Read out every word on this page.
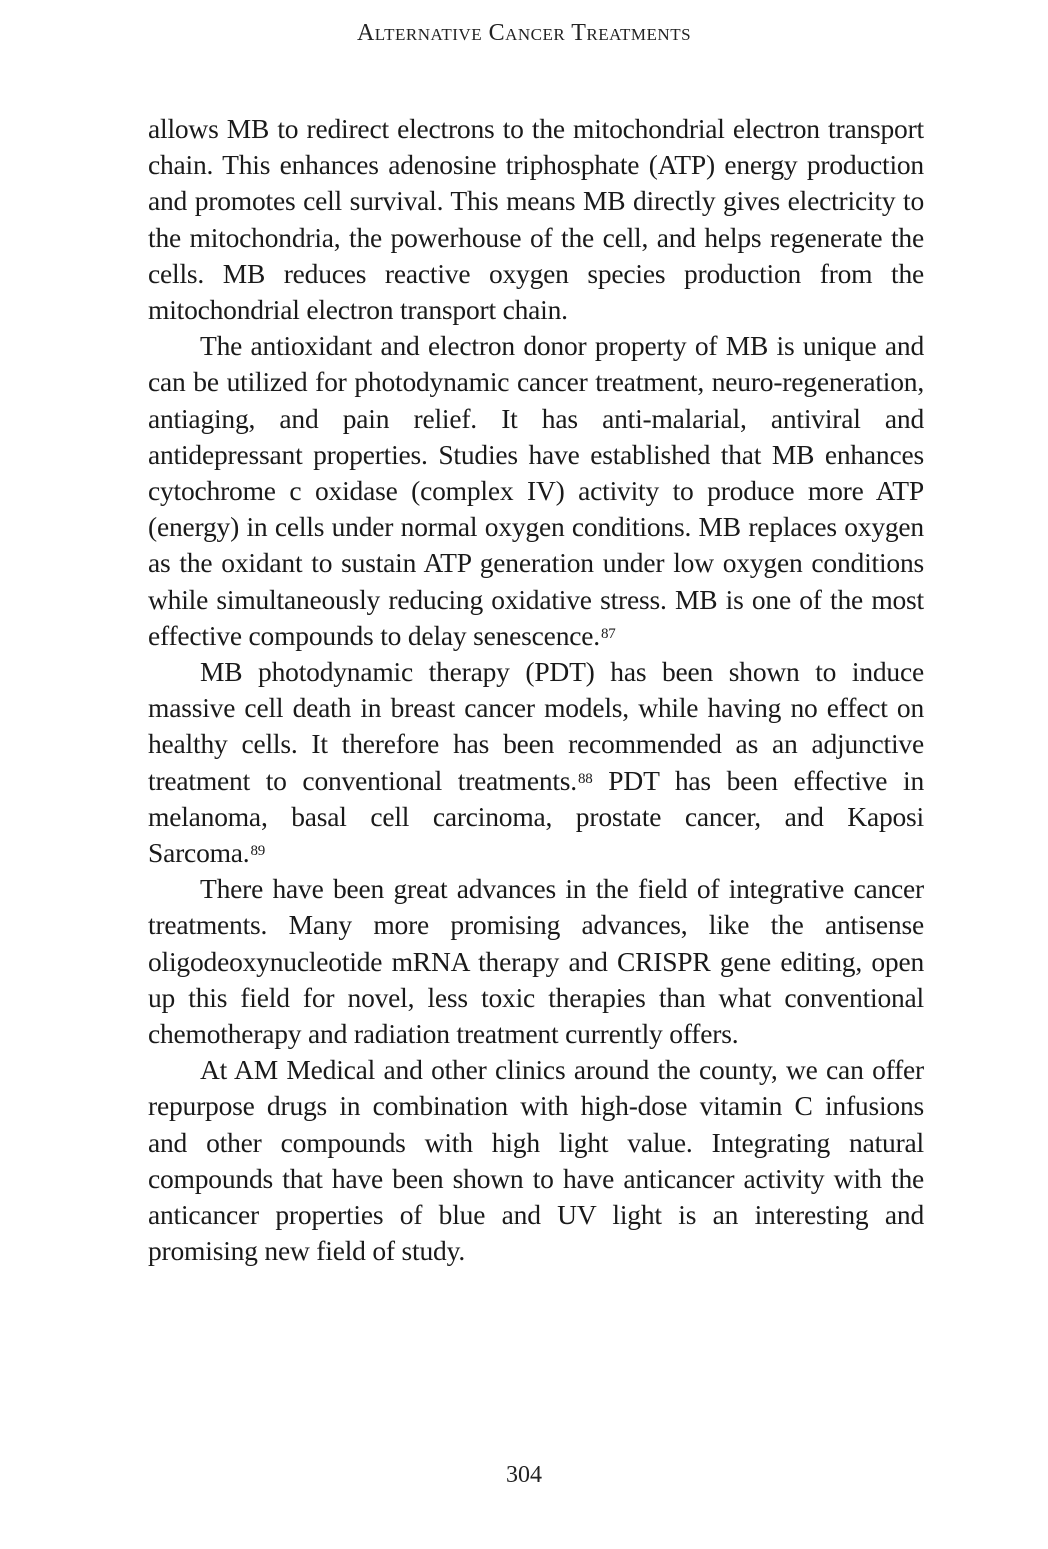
Alternative Cancer Treatments

allows MB to redirect electrons to the mitochondrial electron transport chain. This enhances adenosine triphosphate (ATP) energy production and promotes cell survival. This means MB directly gives electricity to the mitochondria, the powerhouse of the cell, and helps regenerate the cells. MB reduces reactive oxygen species production from the mitochondrial electron transport chain.

The antioxidant and electron donor property of MB is unique and can be utilized for photodynamic cancer treatment, neuro-regeneration, antiaging, and pain relief. It has anti-malarial, antiviral and antidepressant properties. Studies have established that MB enhances cytochrome c oxidase (complex IV) activity to produce more ATP (energy) in cells under normal oxygen conditions. MB replaces oxygen as the oxidant to sustain ATP generation under low oxygen conditions while simultaneously reducing oxidative stress. MB is one of the most effective compounds to delay senescence.$^{87}$

MB photodynamic therapy (PDT) has been shown to induce massive cell death in breast cancer models, while having no effect on healthy cells. It therefore has been recommended as an adjunctive treatment to conventional treatments.$^{88}$ PDT has been effective in melanoma, basal cell carcinoma, prostate cancer, and Kaposi Sarcoma.$^{89}$

There have been great advances in the field of integrative cancer treatments. Many more promising advances, like the antisense oligodeoxynucleotide mRNA therapy and CRISPR gene editing, open up this field for novel, less toxic therapies than what conventional chemotherapy and radiation treatment currently offers.

At AM Medical and other clinics around the county, we can offer repurpose drugs in combination with high-dose vitamin C infusions and other compounds with high light value. Integrating natural compounds that have been shown to have anticancer activity with the anticancer properties of blue and UV light is an interesting and promising new field of study.

304
